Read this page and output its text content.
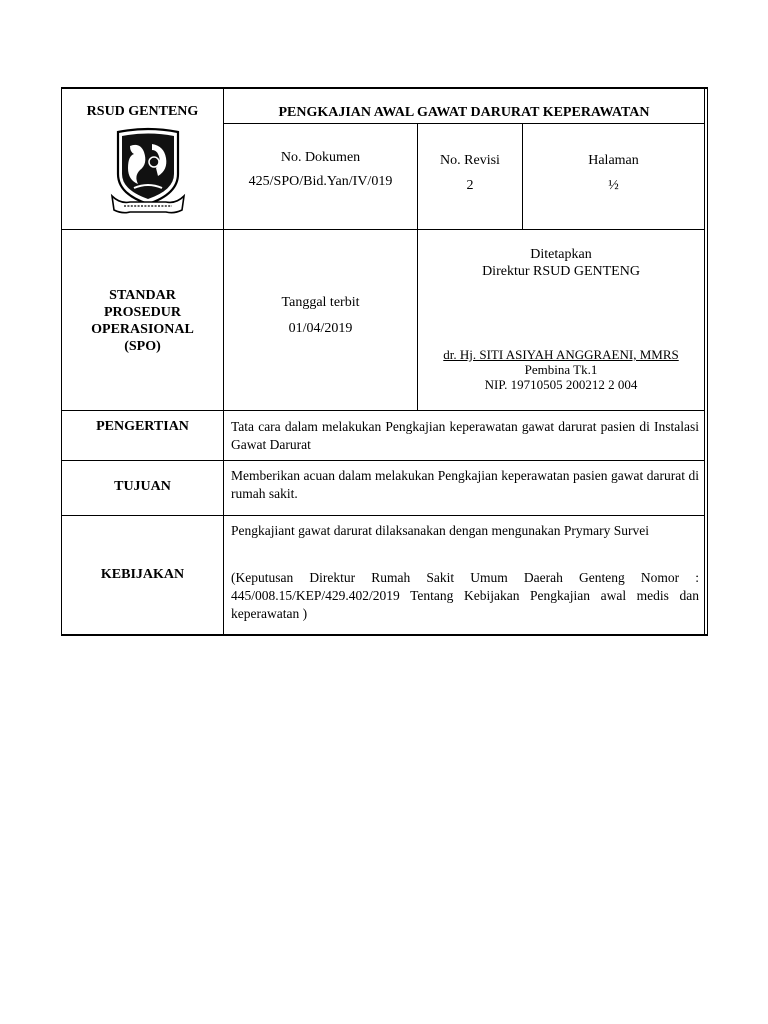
RSUD GENTENG	PENGKAJIAN AWAL GAWAT DARURAT KEPERAWATAN
No. Dokumen
425/SPO/Bid.Yan/IV/019
No. Revisi
2
Halaman
½
STANDAR
PROSEDUR
OPERASIONAL
(SPO)
Tanggal terbit
01/04/2019
Ditetapkan
Direktur RSUD GENTENG
dr. Hj. SITI ASIYAH ANGGRAENI, MMRS
Pembina Tk.1
NIP. 19710505 200212 2 004
PENGERTIAN	Tata cara dalam melakukan Pengkajian keperawatan gawat darurat pasien di Instalasi Gawat Darurat
TUJUAN
Memberikan acuan dalam melakukan Pengkajian keperawatan pasien gawat darurat di rumah sakit.
KEBIJAKAN
Pengkajiant gawat darurat dilaksanakan dengan mengunakan Prymary Survei
(Keputusan Direktur Rumah Sakit Umum Daerah Genteng Nomor : 445/008.15/KEP/429.402/2019 Tentang Kebijakan Pengkajian awal medis dan keperawatan )
